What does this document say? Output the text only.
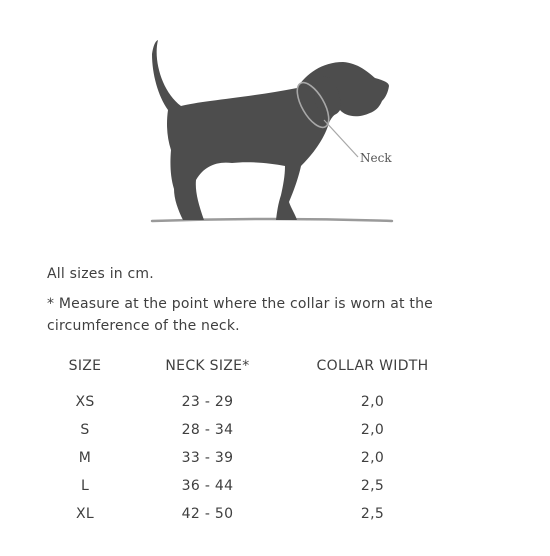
Neck

All sizes in cm.

* Measure at the point where the collar is worn at the circumference of the neck.

SIZE	NECK SIZE*	COLLAR WIDTH
XS	23 - 29	2,0
S	28 - 34	2,0
M	33 - 39	2,0
L	36 - 44	2,5
XL	42 - 50	2,5
